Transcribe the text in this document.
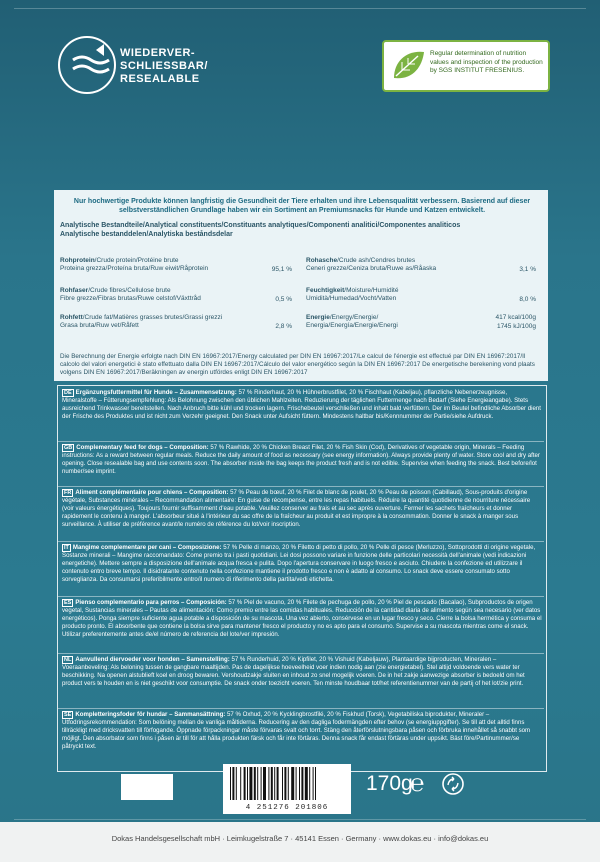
WIEDERVER-
SCHLIESSBAR/
RESEALABLE
Regular determination of nutrition values and inspection of the production by SGS INSTITUT FRESENIUS.
Nur hochwertige Produkte können langfristig die Gesundheit der Tiere erhalten und ihre Lebensqualität verbessern. Basierend auf dieser selbstverständlichen Grundlage haben wir ein Sortiment an Premiumsnacks für Hunde und Katzen entwickelt.
Analytische Bestandteile/Analytical constituents/Constituants analytiques/Componenti analitici/Componentes analiticos Analytische bestanddelen/Analytiska beståndsdelar
Rohprotein/Crude protein/Protéine brute
Proteina grezza/Proteína bruta/Ruw eiwit/Råprotein	95,1 %
Rohfaser/Crude fibres/Cellulose brute
Fibre grezze/Fibras brutas/Ruwe celstof/Växttråd	0,5 %
Rohfett/Crude fat/Matières grasses brutes/Grassi grezzi
Grasa bruta/Ruw vet/Råfett	2,8 %
Rohasche/Crude ash/Cendres brutes
Ceneri grezze/Ceniza bruta/Ruwe as/Råaska	3,1 %
Feuchtigkeit/Moisture/Humidité
Umidità/Humedad/Vocht/Vatten	8,0 %
Energie/Energy/Energie/
Energia/Energía/Energie/Energi
417 kcal/100g
1745 kJ/100g
Die Berechnung der Energie erfolgte nach DIN EN 16967:2017/Energy calculated per DIN EN 16967:2017/Le calcul de l'énergie est effectué par DIN EN 16967:2017/Il calcolo del valori energetici è stato effettuato dalla DIN EN 16967:2017/Cálculo del valor energético según la DIN EN 16967:2017 De energetische berekening vond plaats volgens DIN EN 16967:2017/Beräkningen av energin utfördes enligt DIN EN 16967:2017
DE Ergänzungsfuttermittel für Hunde – Zusammensetzung: 57 % Rinderhaut, 20 % Hühnerbrustfilet, 20 % Fischhaut (Kabeljau), pflanzliche Nebenerzeugnisse, Mineralstoffe – Fütterungsempfehlung: Als Belohnung zwischen den üblichen Mahlzeiten. Reduzierung der täglichen Futtermenge nach Bedarf (Siehe Energieangabe). Stets ausreichend Trinkwasser bereitstellen. Nach Anbruch bitte kühl und trocken lagern. Frischebeutel verschließen und inhalt bald verfüttern. Der im Beutel befindliche Absorber dient der Frische des Produktes und ist nicht zum Verzehr geeignet. Den Snack unter Aufsicht füttern. Mindestens haltbar bis/Kennnummer der Partie/siehe Aufdruck.
GB Complementary feed for dogs – Composition: 57 % Rawhide, 20 % Chicken Breast Filet, 20 % Fish Skin (Cod), Derivatives of vegetable origin, Minerals – Feeding instructions: As a reward between regular meals. Reduce the daily amount of food as necessary (see energy information). Always provide plenty of water. Store cool and dry after opening. Close resealable bag and use contents soon. The absorber inside the bag keeps the product fresh and is not edible. Supervise when feeding the snack. Best before/lot number/see imprint.
FR Aliment complémentaire pour chiens – Composition: 57 % Peau de bœuf, 20 % Filet de blanc de poulet, 20 % Peau de poisson (Cabillaud), Sous-produits d'origine végétale, Substances minérales – Recommandation alimentaire: En guise de récompense, entre les repas habituels. Réduire la quantité quotidienne de nourriture nécessaire (voir valeurs énergétiques). Toujours fournir suffisamment d'eau potable. Veuillez conserver au frais et au sec après ouverture. Fermer les sachets fraîcheurs et donner rapidement le contenu à manger. L'absorbeur situé à l'intérieur du sac offre de la fraîcheur au produit et est impropre à la consommation. Donner le snack à manger sous surveillance. À utiliser de préférence avant/le numéro de référence du lot/voir inscription.
IT Mangime complementare per cani – Composizione: 57 % Pelle di manzo, 20 % Filetto di petto di pollo, 20 % Pelle di pesce (Merluzzo), Sottoprodotti di origine vegetale, Sostanze minerali – Mangime raccomandato: Come premio tra i pasti quotidiani. Lei dosi possono variare in funzione delle particolari necessità dell'animale (vedi indicazioni energetiche). Mettere sempre a disposizione dell'animale acqua fresca e pulita. Dopo l'apertura conservare in luogo fresco e asciuto. Chiudere la confezione ed utilizzare il contenuto entro breve tempo. Il disidratante contenuto nella confezione mantiene il prodotto fresco e non è adatto al consumo. Lo snack deve essere consumato sotto sorveglianza. Da consumarsi preferibilmente entro/il numero di riferimento della partita/vedi etichetta.
ES Pienso complementario para perros – Composición: 57 % Piel de vacuno, 20 % Filete de pechuga de pollo, 20 % Piel de pescado (Bacalao), Subproductos de origen vegetal, Sustancias minerales – Pautas de alimentación: Como premio entre las comidas habituales. Reducción de la cantidad diaria de alimento según sea necesario (ver datos energéticos). Ponga siempre suficiente agua potable a disposición de su mascota. Una vez abierto, consérvese en un lugar fresco y seco. Cierre la bolsa hermética y consuma el producto pronto. El absorbente que contiene la bolsa sirve para mantener fresco el producto y no es apto para el consumo. Supervise a su mascota mientras come el snack. Utilizar preferentemente antes de/el número de referencia del lote/ver impresión.
NL Aanvullend diervoeder voor honden – Samenstelling: 57 % Runderhuid, 20 % Kipfilet, 20 % Vishuid (Kabeljauw), Plantaardige bijproducten, Mineralen – Voeraanbeveling: Als beloning tussen de gangbare maaltijden. Pas de dagelijkse hoeveelheid voer indien nodig aan (zie energietabel). Stel altijd voldoende vers water ter beschikking. Na openen alstublieft koel en droog bewaren. Vershoudzakje sluiten en inhoud zo snel mogelijk voeren. De in het zakje aanwezige absorber is bedoeld om het product vers te houden en is niet geschikt voor consumptie. De snack onder toezicht voeren. Ten minste houdbaar tot/het referentienummer van de partij of het lot/zie print.
SE Kompletteringsfoder för hundar – Sammansättning: 57 % Oxhud, 20 % Kycklingbrostfilé, 20 % Fiskhud (Torsk), Vegetabiliska biprodukter, Mineraler – Utfodringsrekommendation: Som belöning mellan de vanliga måltiderna. Reducering av den dagliga fodermängden efter behov (se energiuppgifter). Se till att det alltid finns tillräckligt med dricksvatten till förfogande. Öppnade förpackningar måste förvaras svalt och torrt. Stäng den återförslutningsbara påsen och förbruka innehållet så snabbt som möjligt. Den absorbator som finns i påsen är till för att hålla produkten färsk och får inte förtäras. Denna snack får endast förtäras under uppsikt. Bäst före/Partinummer/se påtryckt text.
4 251276 201806
170g
℮
Dokas Handelsgesellschaft mbH · Leimkugelstraße 7 · 45141 Essen · Germany · www.dokas.eu · info@dokas.eu
